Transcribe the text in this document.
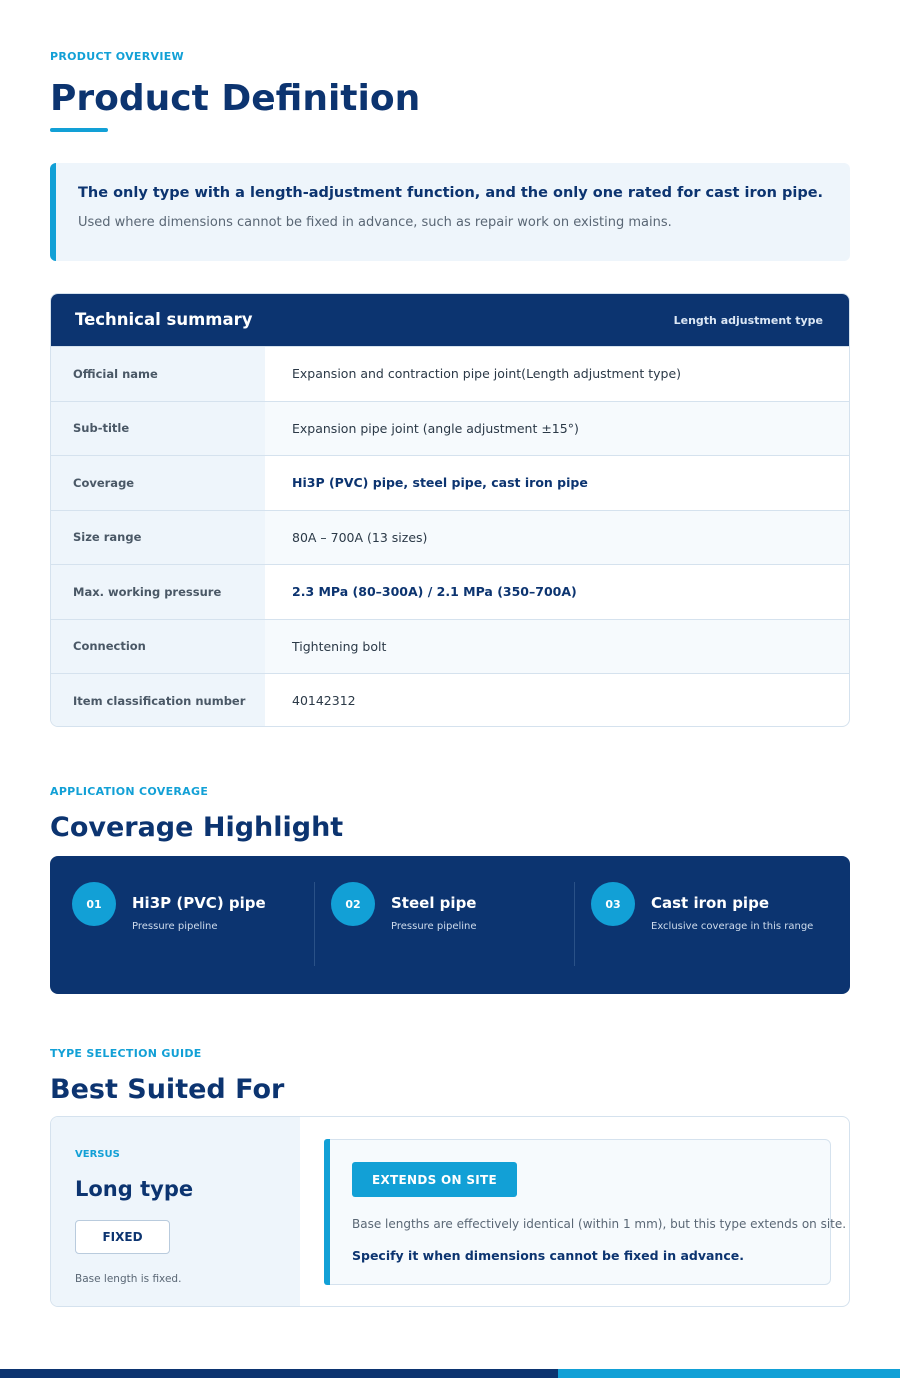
PRODUCT OVERVIEW
Product Definition
The only type with a length-adjustment function, and the only one rated for cast iron pipe.
Used where dimensions cannot be fixed in advance, such as repair work on existing mains.
Technical summary	Length adjustment type
Official name	Expansion and contraction pipe joint(Length adjustment type)
Sub-title	Expansion pipe joint (angle adjustment ±15°)
Coverage	Hi3P (PVC) pipe, steel pipe, cast iron pipe
Size range	80A – 700A (13 sizes)
Max. working pressure	2.3 MPa (80–300A) / 2.1 MPa (350–700A)
Connection	Tightening bolt
Item classification number	40142312
APPLICATION COVERAGE
Coverage Highlight
01	Hi3P (PVC) pipe
Pressure pipeline
02	Steel pipe
Pressure pipeline
03	Cast iron pipe
Exclusive coverage in this range
TYPE SELECTION GUIDE
Best Suited For
VERSUS
Long type
FIXED
Base length is fixed.
EXTENDS ON SITE
Base lengths are effectively identical (within 1 mm), but this type extends on site.
Specify it when dimensions cannot be fixed in advance.
